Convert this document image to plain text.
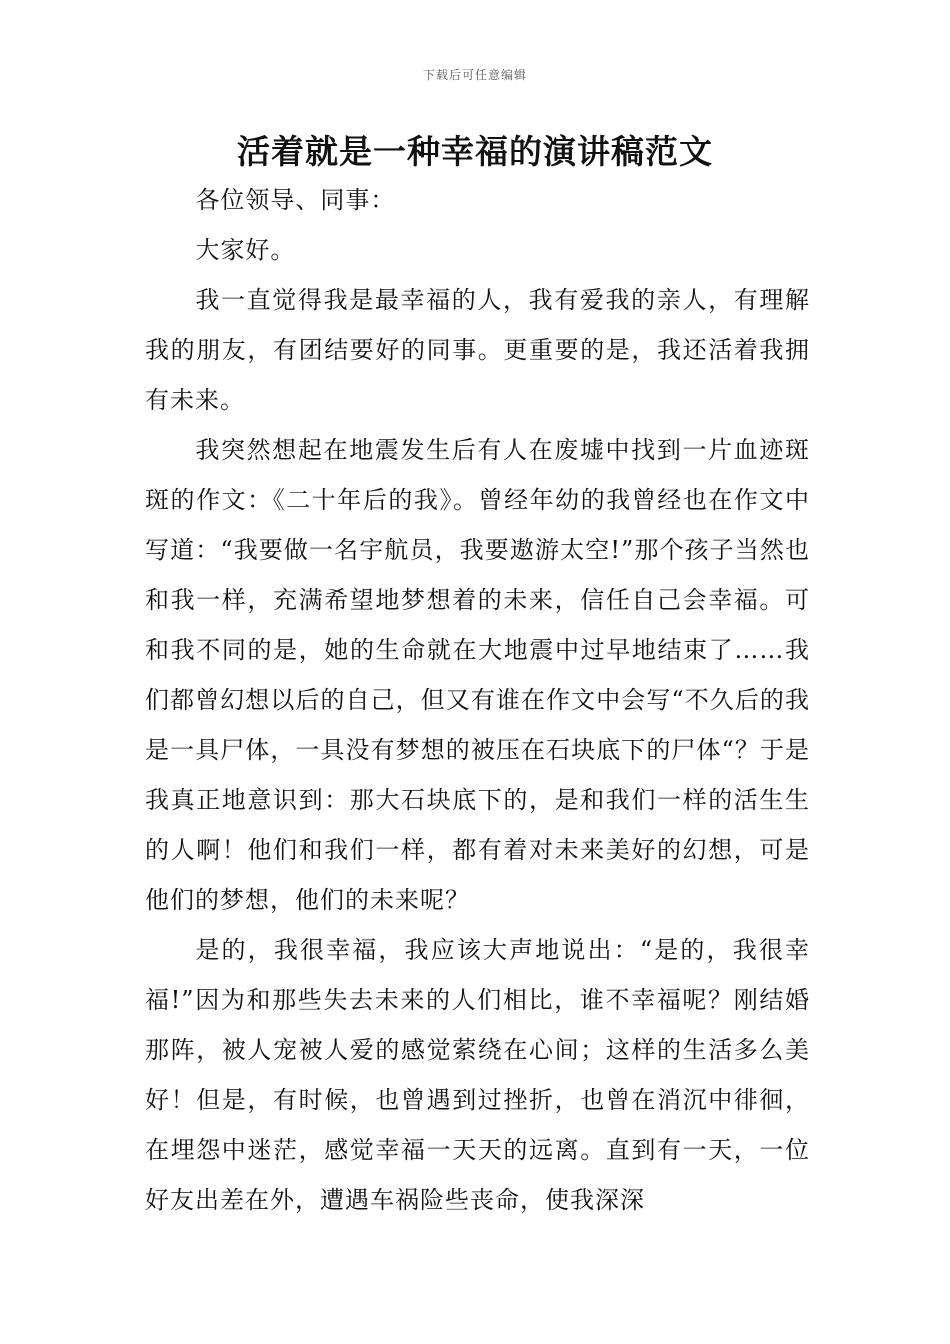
下载后可任意编辑
活着就是一种幸福的演讲稿范文

各位领导、同事：

大家好。

我一直觉得我是最幸福的人，我有爱我的亲人，有理解我的朋友，有团结要好的同事。更重要的是，我还活着我拥有未来。

我突然想起在地震发生后有人在废墟中找到一片血迹斑斑的作文：《二十年后的我》。曾经年幼的我曾经也在作文中写道：“我要做一名宇航员，我要遨游太空!”那个孩子当然也和我一样，充满希望地梦想着的未来，信任自己会幸福。可和我不同的是，她的生命就在大地震中过早地结束了……我们都曾幻想以后的自己，但又有谁在作文中会写“不久后的我是一具尸体，一具没有梦想的被压在石块底下的尸体“？于是我真正地意识到：那大石块底下的，是和我们一样的活生生的人啊！他们和我们一样，都有着对未来美好的幻想，可是他们的梦想，他们的未来呢？

是的，我很幸福，我应该大声地说出：“是的，我很幸福!”因为和那些失去未来的人们相比，谁不幸福呢？刚结婚那阵，被人宠被人爱的感觉萦绕在心间；这样的生活多么美好！但是，有时候，也曾遇到过挫折，也曾在消沉中徘徊，在埋怨中迷茫，感觉幸福一天天的远离。直到有一天，一位好友出差在外，遭遇车祸险些丧命，使我深深
